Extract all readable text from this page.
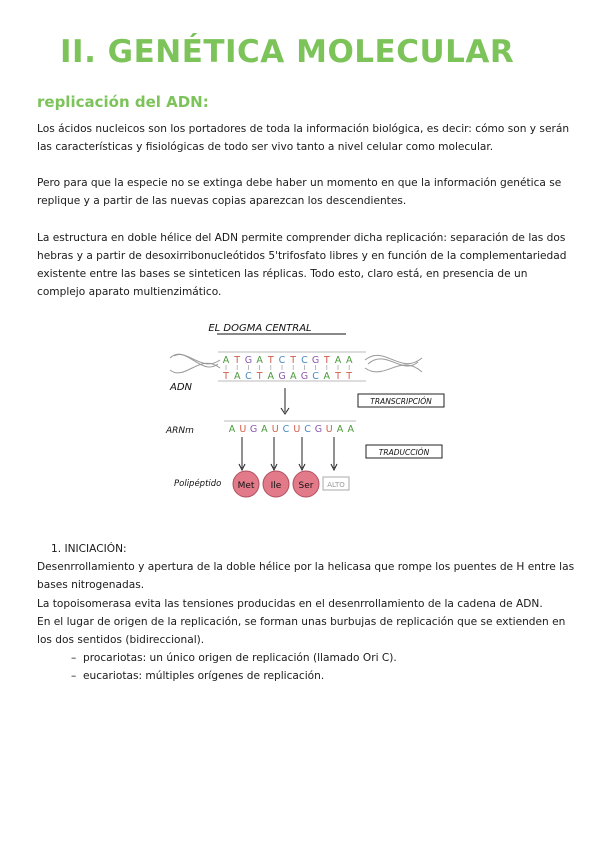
II. GENÉTICA MOLECULAR
replicación del ADN:
Los ácidos nucleicos son los portadores de toda la información biológica, es decir: cómo son y serán las características y fisiológicas de todo ser vivo tanto a nivel celular como molecular.
Pero para que la especie no se extinga debe haber un momento en que la información genética se replique y a partir de las nuevas copias aparezcan los descendientes.
La estructura en doble hélice del ADN permite comprender dicha replicación: separación de las dos hebras y a partir de desoxirribonucleótidos 5'trifosfato libres y en función de la complementariedad existente entre las bases se sinteticen las réplicas. Todo esto, claro está, en presencia de un complejo aparato multienzimático.
EL DOGMA CENTRAL
A T G A T C T C G T A A
T A C T A G A G C A T T
ADN
TRANSCRIPCIÓN
ARNm	A U G A U C U C G U A A
TRADUCCIÓN
Polipéptido Met Ile Ser ALTO
1. INICIACIÓN:
Desenrrollamiento y apertura de la doble hélice por la helicasa que rompe los puentes de H entre las bases nitrogenadas.
La topoisomerasa evita las tensiones producidas en el desenrrollamiento de la cadena de ADN.
En el lugar de origen de la replicación, se forman unas burbujas de replicación que se extienden en los dos sentidos (bidireccional).
– procariotas: un único origen de replicación (llamado Ori C).
– eucariotas: múltiples orígenes de replicación.
